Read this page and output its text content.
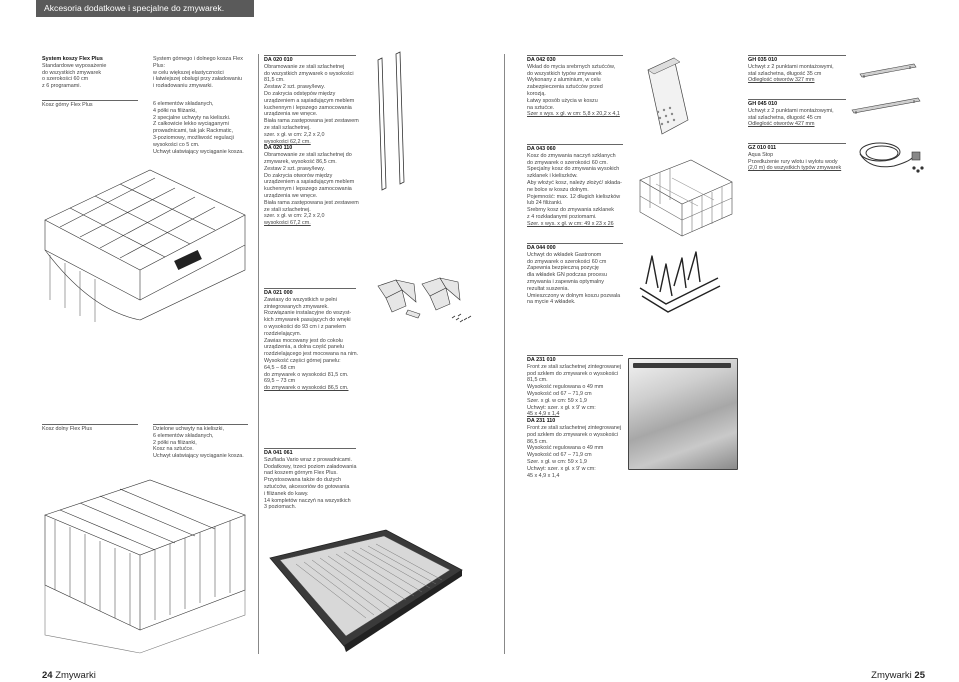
Akcesoria dodatkowe i specjalne do zmywarek.
System koszy Flex Plus
Standardowe wyposażenie
do wszystkich zmywarek
o szerokości 60 cm
z 6 programami.
Kosz górny Flex Plus
Kosz dolny Flex Plus
System górnego i dolnego kosza Flex
Plus:
w celu większej elastyczności
i łatwiejszej obsługi przy załadowaniu
i rozładowaniu zmywarki.
6 elementów składanych,
4 półki na filiżanki,
2 specjalne uchwyty na kieliszki.
Z całkowicie lekko wyciąganymi
prowadnicami, tak jak Rackmatic,
3-poziomowy, możliwość regulacji
wysokości co 5 cm.
Uchwyt ułatwiający wyciąganie kosza.
Dzielone uchwyty na kieliszki,
6 elementów składanych,
2 półki na filiżanki,
Kosz na sztućce.
Uchwyt ułatwiający wyciąganie kosza.
DA 020 010
Obramowanie ze stali szlachetnej
do wszystkich zmywarek o wysokości
81,5 cm.
Zestaw 2 szt. prawy/lewy.
Do zakrycia odstępów między
urządzeniem a sąsiadującym meblem
kuchennym i lepszego zamocowania
urządzenia we wnęce.
Biała rama zastępowana jest zestawem
ze stali szlachetnej.
szer. x gł. w cm: 2,2 x 2,0
wysokości 62,2 cm.
DA 020 110
Obramowanie ze stali szlachetnej do
zmywarek, wysokość 86,5 cm.
Zestaw 2 szt. prawy/lewy.
Do zakrycia otworów między
urządzeniem a sąsiadującym meblem
kuchennym i lepszego zamocowania
urządzenia we wnęce.
Biała rama zastępowana jest zestawem
ze stali szlachetnej.
szer. x gł. w cm: 2,2 x 2,0
wysokości 67,2 cm.
DA 021 000
Zawiasy do wszystkich w pełni
zintegrowanych zmywarek.
Rozwiązanie instalacyjne do wszyst-
kich zmywarek pasujących do wnęki
o wysokości do 93 cm i z panelem
rozdzielającym.
Zawias mocowany jest do cokołu
urządzenia, a dolna część panelu
rozdzielającego jest mocowana na nim.
Wysokość części górnej panelu:
64,5 – 68 cm
do zmywarek o wysokości 81,5 cm.
69,5 – 73 cm
do zmywarek o wysokości 86,5 cm.
DA 041 061
Szuflada Vario wraz z prowadnicami.
Dodatkowy, trzeci poziom załadowania
nad koszem górnym Flex Plus.
Przystosowana także do dużych
sztućców, akcesoriów do gotowania
i filiżanek do kawy.
14 kompletów naczyń na wszystkich
3 poziomach.
DA 042 030
Wkład do mycia srebrnych sztućców,
do wszystkich typów zmywarek
Wykonany z aluminium, w celu
zabezpieczenia sztućców przed
korozją.
Łatwy sposób użycia w koszu
na sztućce.
Szer x wys. x gł. w cm: 5,8 x 20,2 x 4,1
DA 043 060
Kosz do zmywania naczyń szklanych
do zmywarek o szerokości 60 cm.
Specjalny kosz do zmywania wysokich
szklanek i kieliszków.
Aby włożyć kosz, należy złożyć/ składa-
ne bolce w koszu dolnym.
Pojemność: max. 12 długich kieliszków
lub 24 filiżanki.
Srebrny kosz do zmywania szklanek
z 4 rozkładanymi poziomami.
Szer. x wys. x gł. w cm: 49 x 23 x 26
DA 044 000
Uchwyt do wkładek Gastronom
do zmywarek o szerokości 60 cm
Zapewnia bezpieczną pozycję
dla wkładek GN podczas procesu
zmywania i zapewnia optymalny
rezultat suszenia.
Umieszczony w dolnym koszu pozwala
na mycie 4 wkładek.
DA 231 010
Front ze stali szlachetnej zintegrowanej
pod szkłem do zmywarek o wysokości
81,5 cm.
Wysokość regulowana o 49 mm
Wysokość od 67 – 71,9 cm
Szer. x gł. w cm: 59 x 1,9
Uchwyt: szer. x gł. x 9' w cm:
45 x 4,9 x 1,4
DA 231 110
Front ze stali szlachetnej zintegrowanej
pod szkłem do zmywarek o wysokości
86,5 cm.
Wysokość regulowana o 49 mm
Wysokość od 67 – 71,9 cm
Szer. x gł. w cm: 59 x 1,9
Uchwyt: szer. x gł. x 9' w cm:
45 x 4,9 x 1,4
GH 035 010
Uchwyt z 2 punktami montażowymi,
stal szlachetna, długość 35 cm
Odległość otworów 327 mm
GH 045 010
Uchwyt z 2 punktami montażowymi,
stal szlachetna, długość 45 cm
Odległość otworów 427 mm
GZ 010 011
Aqua Stop
Przedłużenie rury wlotu i wylotu wody
(2,0 m) do wszystkich typów zmywarek
24 Zmywarki	Zmywarki 25
